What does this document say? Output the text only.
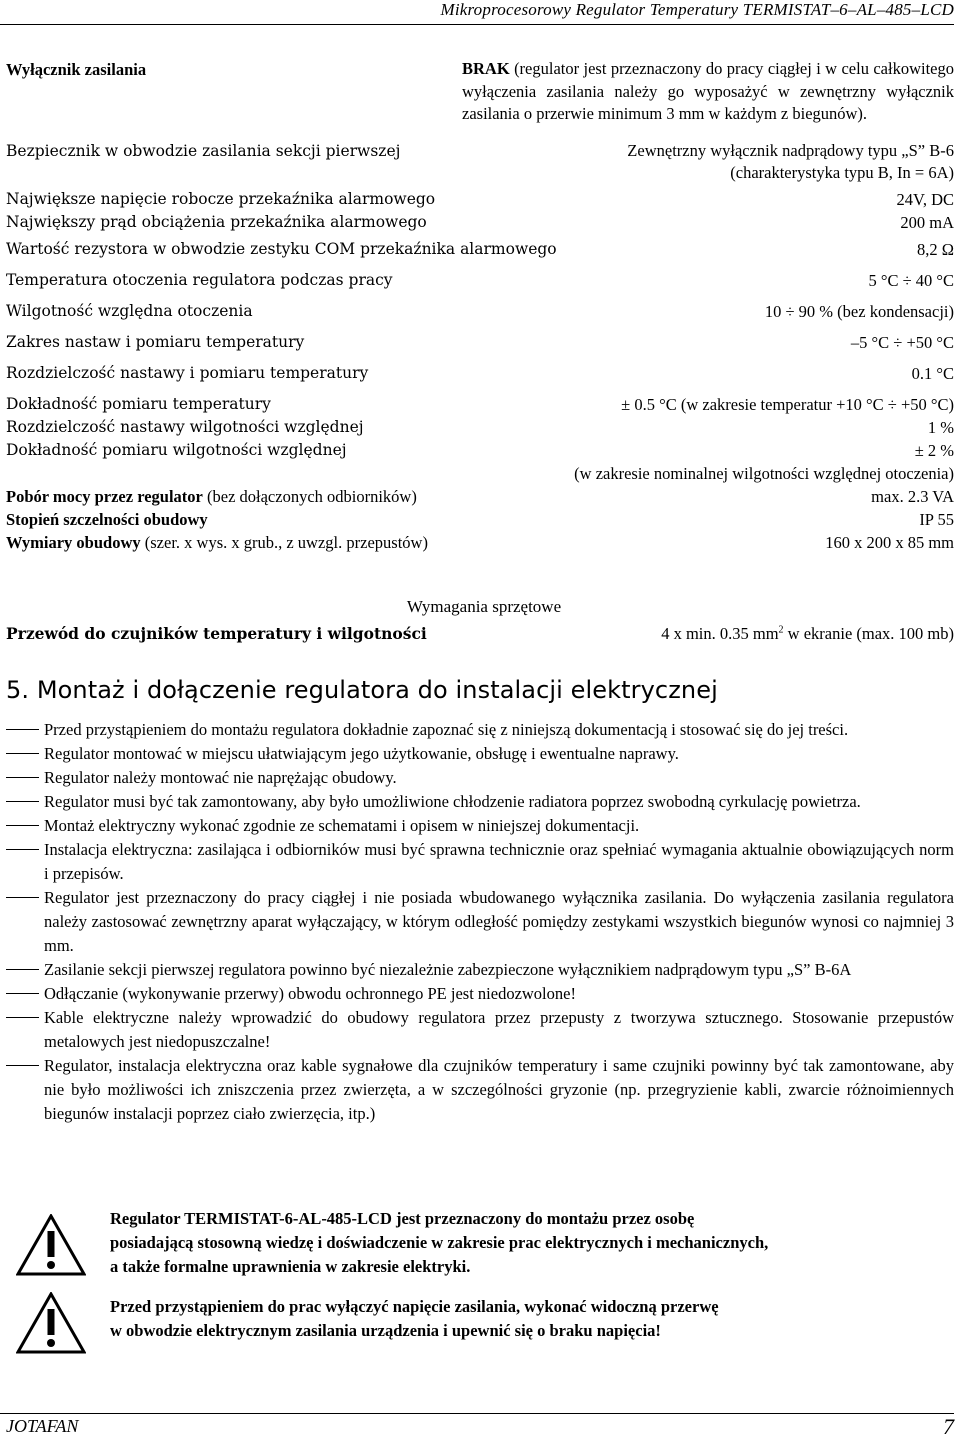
Mikroprocesorowy Regulator Temperatury TERMISTAT–6–AL–485–LCD
Wyłącznik zasilania	BRAK (regulator jest przeznaczony do pracy ciągłej i w celu całkowitego wyłączenia zasilania należy go wyposażyć w zewnętrzny wyłącznik zasilania o przerwie minimum 3 mm w każdym z biegunów).
Bezpiecznik w obwodzie zasilania sekcji pierwszej	Zewnętrzny wyłącznik nadprądowy typu „S” B-6
(charakterystyka typu B, In = 6A)
Największe napięcie robocze przekaźnika alarmowego	24V, DC
Największy prąd obciążenia przekaźnika alarmowego	200 mA
Wartość rezystora w obwodzie zestyku COM przekaźnika alarmowego	8,2 Ω
Temperatura otoczenia regulatora podczas pracy	5 °C ÷ 40 °C
Wilgotność względna otoczenia	10 ÷ 90 % (bez kondensacji)
Zakres nastaw i pomiaru temperatury	–5 °C ÷ +50 °C
Rozdzielczość nastawy i pomiaru temperatury	0.1 °C
Dokładność pomiaru temperatury	± 0.5 °C (w zakresie temperatur +10 °C ÷ +50 °C)
Rozdzielczość nastawy wilgotności względnej	1 %
Dokładność pomiaru wilgotności względnej	± 2 %
(w zakresie nominalnej wilgotności względnej otoczenia)
Pobór mocy przez regulator (bez dołączonych odbiorników)	max. 2.3 VA
Stopień szczelności obudowy	IP 55
Wymiary obudowy (szer. x wys. x grub., z uwzgl. przepustów)	160 x 200 x 85 mm
Wymagania sprzętowe
Przewód do czujników temperatury i wilgotności	4 x min. 0.35 $mm^2$ w ekranie (max. 100 mb)
5. Montaż i dołączenie regulatora do instalacji elektrycznej
Przed przystąpieniem do montażu regulatora dokładnie zapoznać się z niniejszą dokumentacją i stosować się do jej treści.
Regulator montować w miejscu ułatwiającym jego użytkowanie, obsługę i ewentualne naprawy.
Regulator należy montować nie naprężając obudowy.
Regulator musi być tak zamontowany, aby było umożliwione chłodzenie radiatora poprzez swobodną cyrkulację powietrza.
Montaż elektryczny wykonać zgodnie ze schematami i opisem w niniejszej dokumentacji.
Instalacja elektryczna: zasilająca i odbiorników musi być sprawna technicznie oraz spełniać wymagania aktualnie obowiązujących norm i przepisów.
Regulator jest przeznaczony do pracy ciągłej i nie posiada wbudowanego wyłącznika zasilania. Do wyłączenia zasilania regulatora należy zastosować zewnętrzny aparat wyłączający, w którym odległość pomiędzy zestykami wszystkich biegunów wynosi co najmniej 3 mm.
Zasilanie sekcji pierwszej regulatora powinno być niezależnie zabezpieczone wyłącznikiem nadprądowym typu „S” B-6A
Odłączanie (wykonywanie przerwy) obwodu ochronnego PE jest niedozwolone!
Kable elektryczne należy wprowadzić do obudowy regulatora przez przepusty z tworzywa sztucznego. Stosowanie przepustów metalowych jest niedopuszczalne!
Regulator, instalacja elektryczna oraz kable sygnałowe dla czujników temperatury i same czujniki powinny być tak zamontowane, aby nie było możliwości ich zniszczenia przez zwierzęta, a w szczególności gryzonie (np. przegryzienie kabli, zwarcie różnoimiennych biegunów instalacji poprzez ciało zwierzęcia, itp.)
Regulator TERMISTAT-6-AL-485-LCD jest przeznaczony do montażu przez osobę
posiadającą stosowną wiedzę i doświadczenie w zakresie prac elektrycznych i mechanicznych,
a także formalne uprawnienia w zakresie elektryki.
Przed przystąpieniem do prac wyłączyć napięcie zasilania, wykonać widoczną przerwę
w obwodzie elektrycznym zasilania urządzenia i upewnić się o braku napięcia!
JOTAFAN	7
